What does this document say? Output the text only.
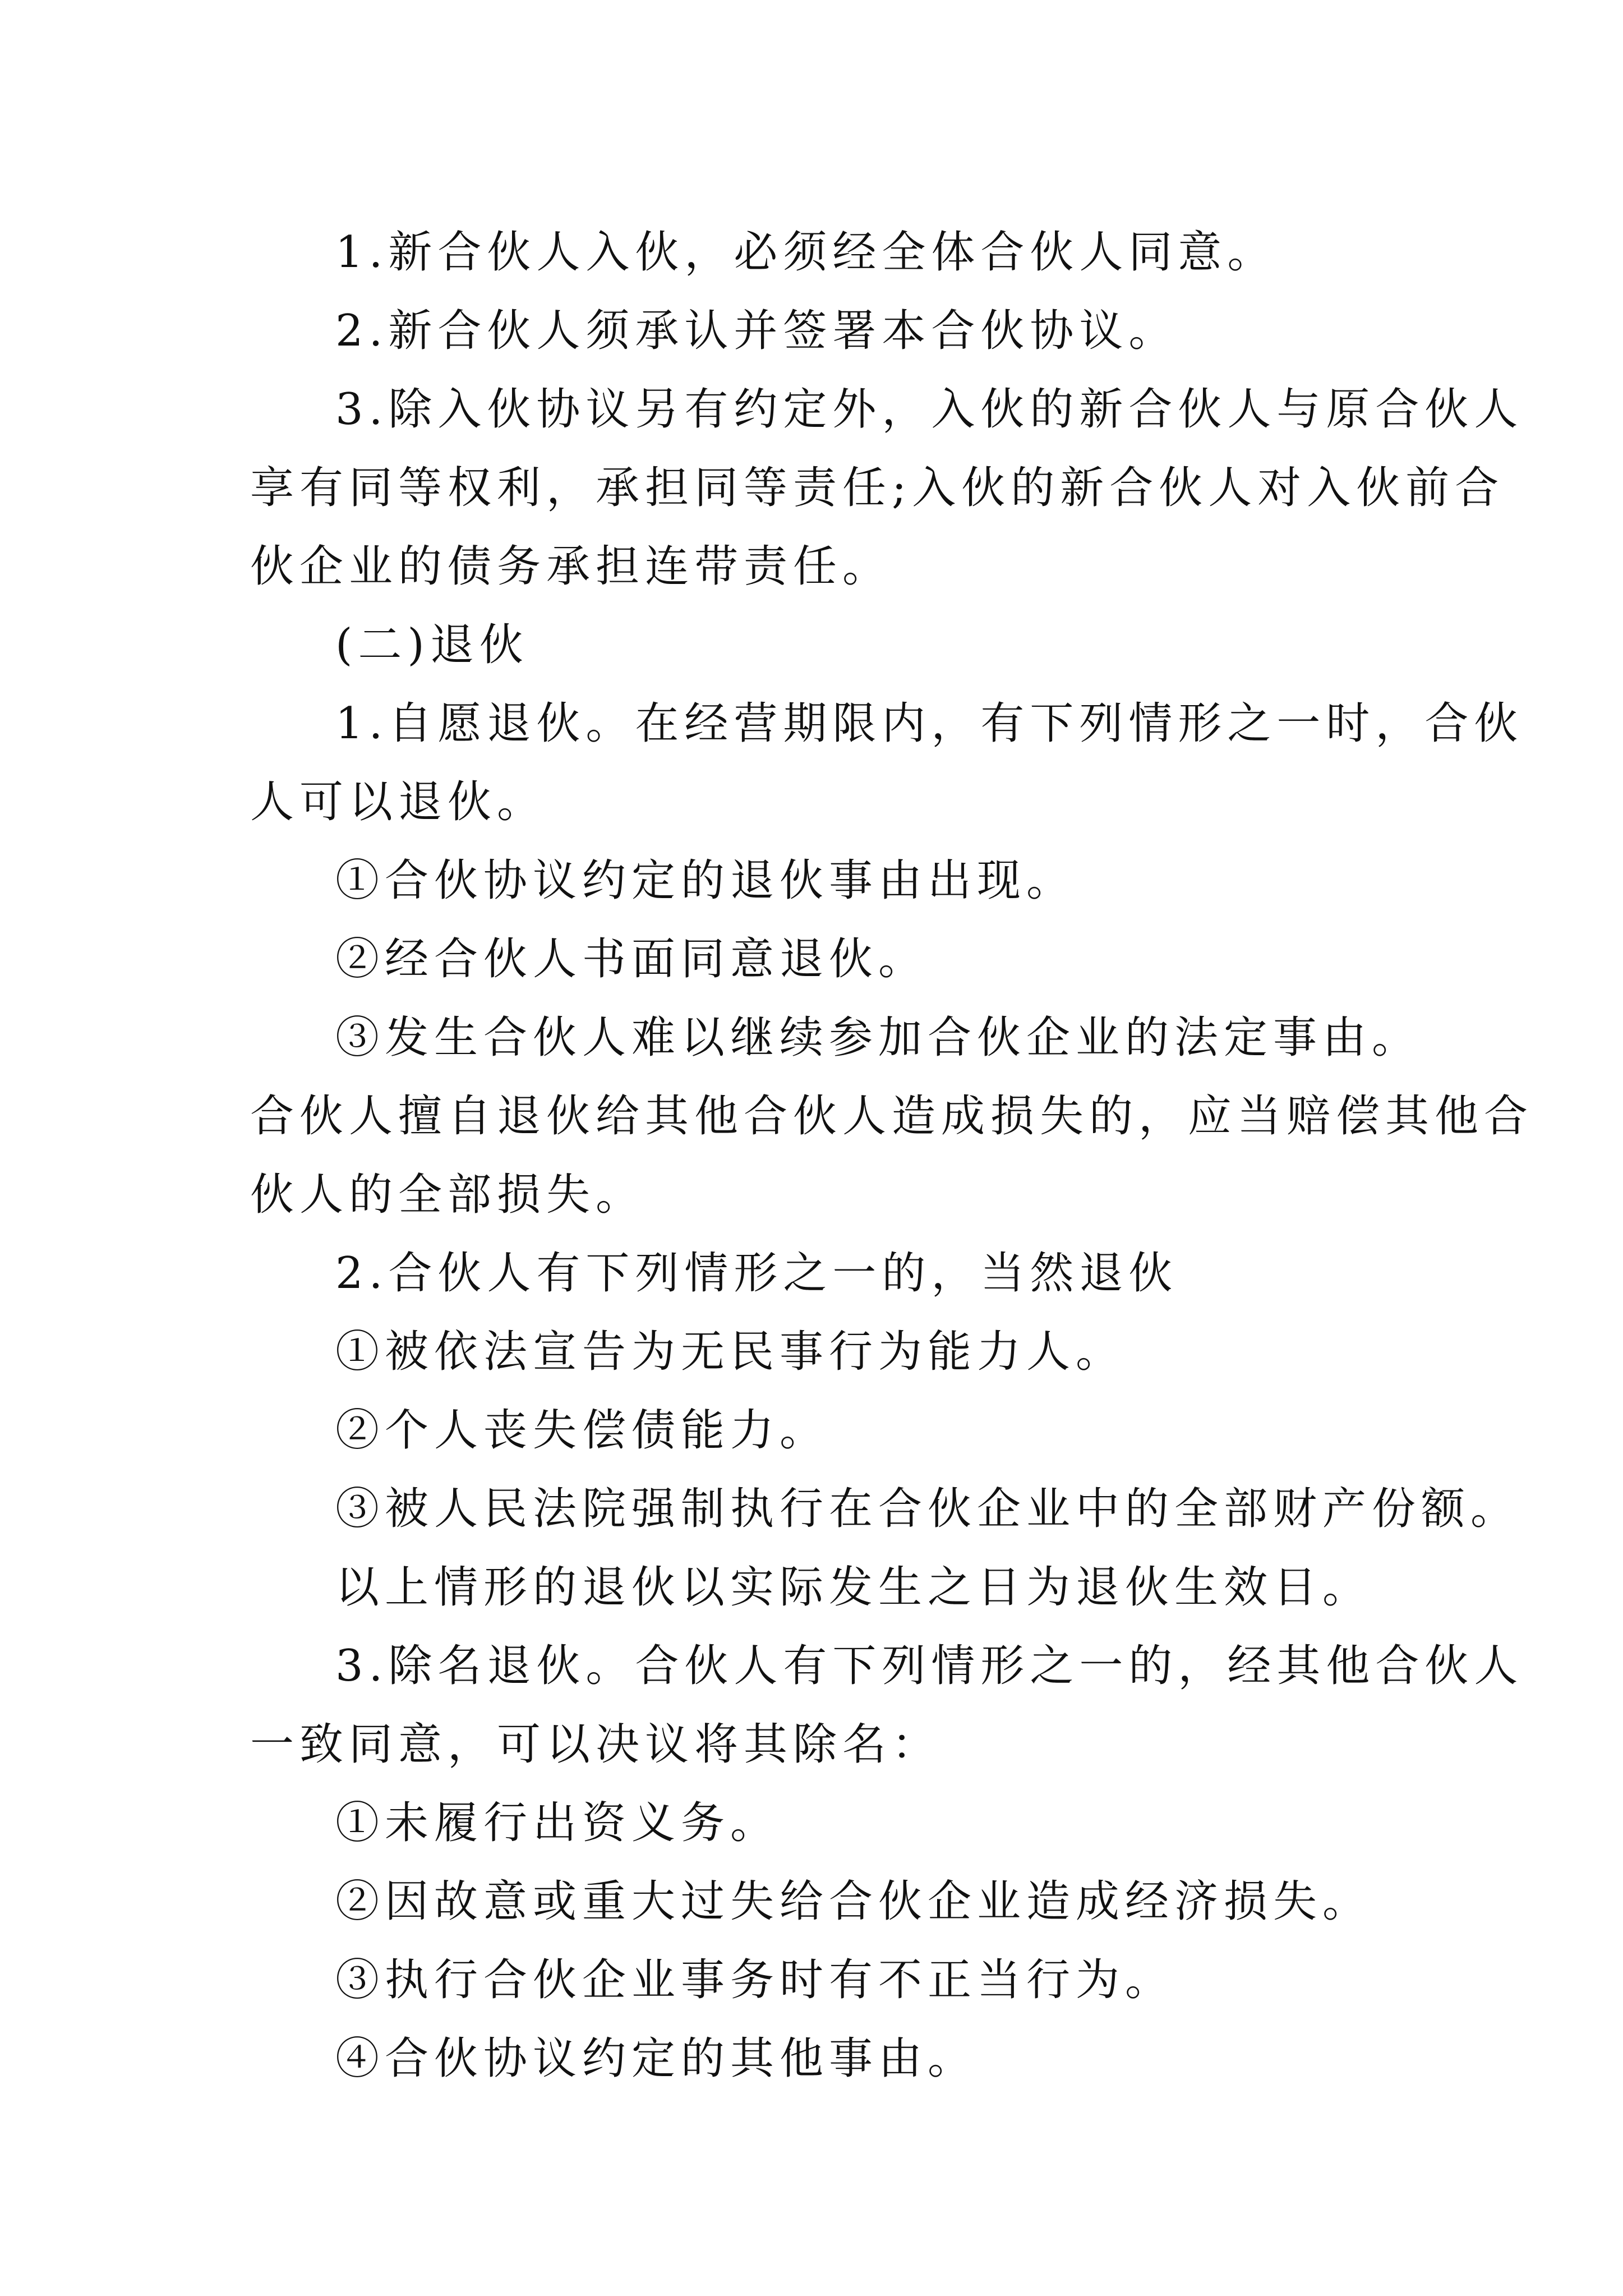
1.新合伙人入伙，必须经全体合伙人同意。
2.新合伙人须承认并签署本合伙协议。
3.除入伙协议另有约定外，入伙的新合伙人与原合伙人
享有同等权利，承担同等责任;入伙的新合伙人对入伙前合
伙企业的债务承担连带责任。
(二)退伙
1.自愿退伙。在经营期限内，有下列情形之一时，合伙
人可以退伙。
①合伙协议约定的退伙事由出现。
②经合伙人书面同意退伙。
③发生合伙人难以继续参加合伙企业的法定事由。
合伙人擅自退伙给其他合伙人造成损失的，应当赔偿其他合
伙人的全部损失。
2.合伙人有下列情形之一的，当然退伙
①被依法宣告为无民事行为能力人。
②个人丧失偿债能力。
③被人民法院强制执行在合伙企业中的全部财产份额。
以上情形的退伙以实际发生之日为退伙生效日。
3.除名退伙。合伙人有下列情形之一的，经其他合伙人
一致同意，可以决议将其除名：
①未履行出资义务。
②因故意或重大过失给合伙企业造成经济损失。
③执行合伙企业事务时有不正当行为。
④合伙协议约定的其他事由。
